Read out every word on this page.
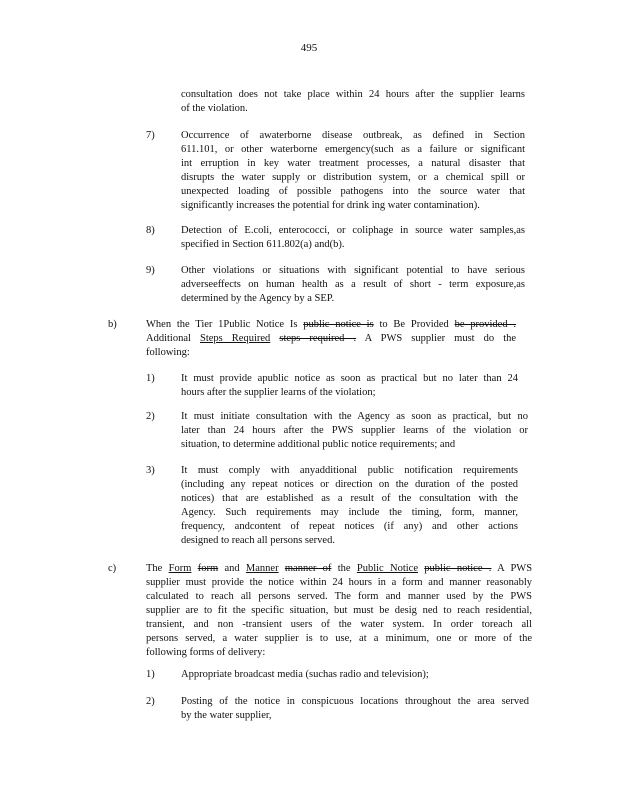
495
consultation does not take place within 24 hours after the supplier learns
of the violation.
7)	Occurrence of awaterborne disease outbreak, as defined in Section
611.101, or other waterborne emergency(such as a failure or significant
int erruption in key water treatment processes, a natural disaster that
disrupts the water supply or distribution system, or a chemical spill or
unexpected loading of possible pathogens into the source water that
significantly increases the potential for drink ing water contamination).
8)	Detection of E.coli, enterococci, or coliphage in source water samples,as
specified in Section 611.802(a) and(b).
9)	Other violations or situations with significant potential to have serious
adverseeffects on human health as a result of short - term exposure,as
determined by the Agency by a SEP.
b)	When the Tier 1Public Notice Is public notice is to Be Provided be provided .
Additional Steps Required steps required . A PWS supplier must do the
following:
1)	It must provide apublic notice as soon as practical but no later than 24
hours after the supplier learns of the violation;
2)	It must initiate consultation with the Agency as soon as practical, but no
later than 24 hours after the PWS supplier learns of the violation or
situation, to determine additional public notice requirements; and
3)	It must comply with anyadditional public notification requirements
(including any repeat notices or direction on the duration of the posted
notices) that are established as a result of the consultation with the
Agency. Such requirements may include the timing, form, manner,
frequency, andcontent of repeat notices (if any) and other actions
designed to reach all persons served.
c)	The Form form and Manner manner of the Public Notice public notice . A PWS
supplier must provide the notice within 24 hours in a form and manner reasonably
calculated to reach all persons served. The form and manner used by the PWS
supplier are to fit the specific situation, but must be desig ned to reach residential,
transient, and non -transient users of the water system. In order toreach all
persons served, a water supplier is to use, at a minimum, one or more of the
following forms of delivery:
1)	Appropriate broadcast media (suchas radio and television);
2)	Posting of the notice in conspicuous locations throughout the area served
by the water supplier,
